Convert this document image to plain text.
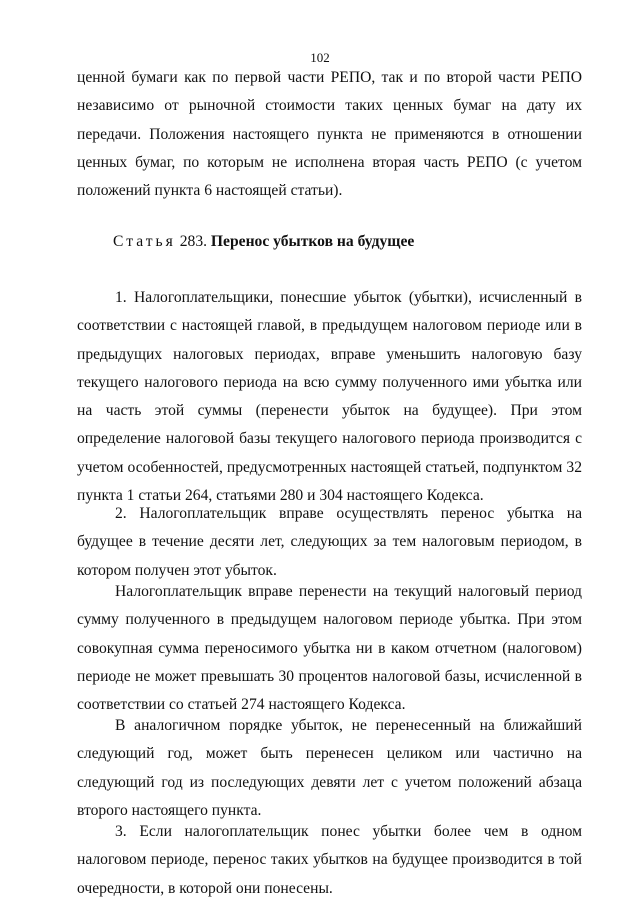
102

ценной бумаги как по первой части РЕПО, так и по второй части РЕПО независимо от рыночной стоимости таких ценных бумаг на дату их передачи. Положения настоящего пункта не применяются в отношении ценных бумаг, по которым не исполнена вторая часть РЕПО (с учетом положений пункта 6 настоящей статьи).

Статья 283. Перенос убытков на будущее

1. Налогоплательщики, понесшие убыток (убытки), исчисленный в соответствии с настоящей главой, в предыдущем налоговом периоде или в предыдущих налоговых периодах, вправе уменьшить налоговую базу текущего налогового периода на всю сумму полученного ими убытка или на часть этой суммы (перенести убыток на будущее). При этом определение налоговой базы текущего налогового периода производится с учетом особенностей, предусмотренных настоящей статьей, подпунктом 32 пункта 1 статьи 264, статьями 280 и 304 настоящего Кодекса.

2. Налогоплательщик вправе осуществлять перенос убытка на будущее в течение десяти лет, следующих за тем налоговым периодом, в котором получен этот убыток.

Налогоплательщик вправе перенести на текущий налоговый период сумму полученного в предыдущем налоговом периоде убытка. При этом совокупная сумма переносимого убытка ни в каком отчетном (налоговом) периоде не может превышать 30 процентов налоговой базы, исчисленной в соответствии со статьей 274 настоящего Кодекса.

В аналогичном порядке убыток, не перенесенный на ближайший следующий год, может быть перенесен целиком или частично на следующий год из последующих девяти лет с учетом положений абзаца второго настоящего пункта.

3. Если налогоплательщик понес убытки более чем в одном налоговом периоде, перенос таких убытков на будущее производится в той очередности, в которой они понесены.
